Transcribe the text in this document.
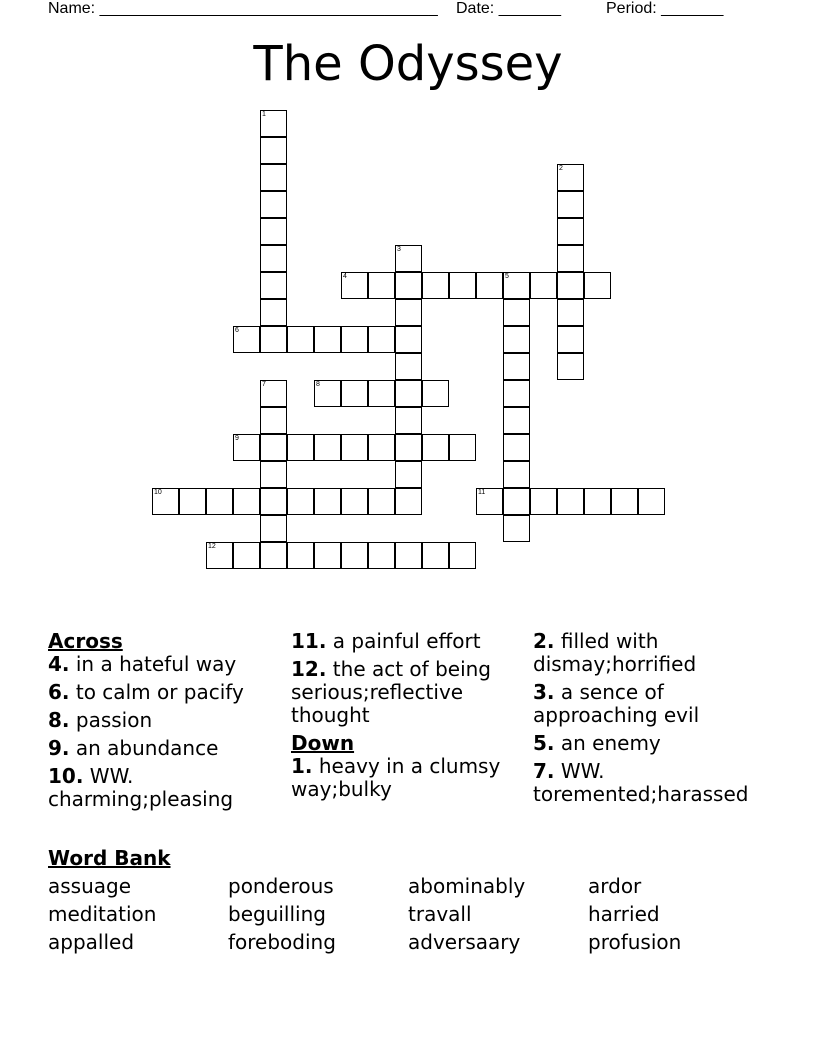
Name: ______________________________________ Date: _______	Period: _______
The Odyssey
1
2
3
4	5
6
7	8
9
10	11
12
Across
4. in a hateful way
6. to calm or pacify
8. passion
9. an abundance
10. WW. charming;pleasing
11. a painful effort
12. the act of being serious;reflective thought
Down
1. heavy in a clumsy way;bulky
2. filled with dismay;horrified
3. a sence of approaching evil
5. an enemy
7. WW. toremented;harassed
Word Bank
assuage	ponderous	abominably	ardor
meditation	beguilling	travall	harried
appalled	foreboding	adversaary	profusion
